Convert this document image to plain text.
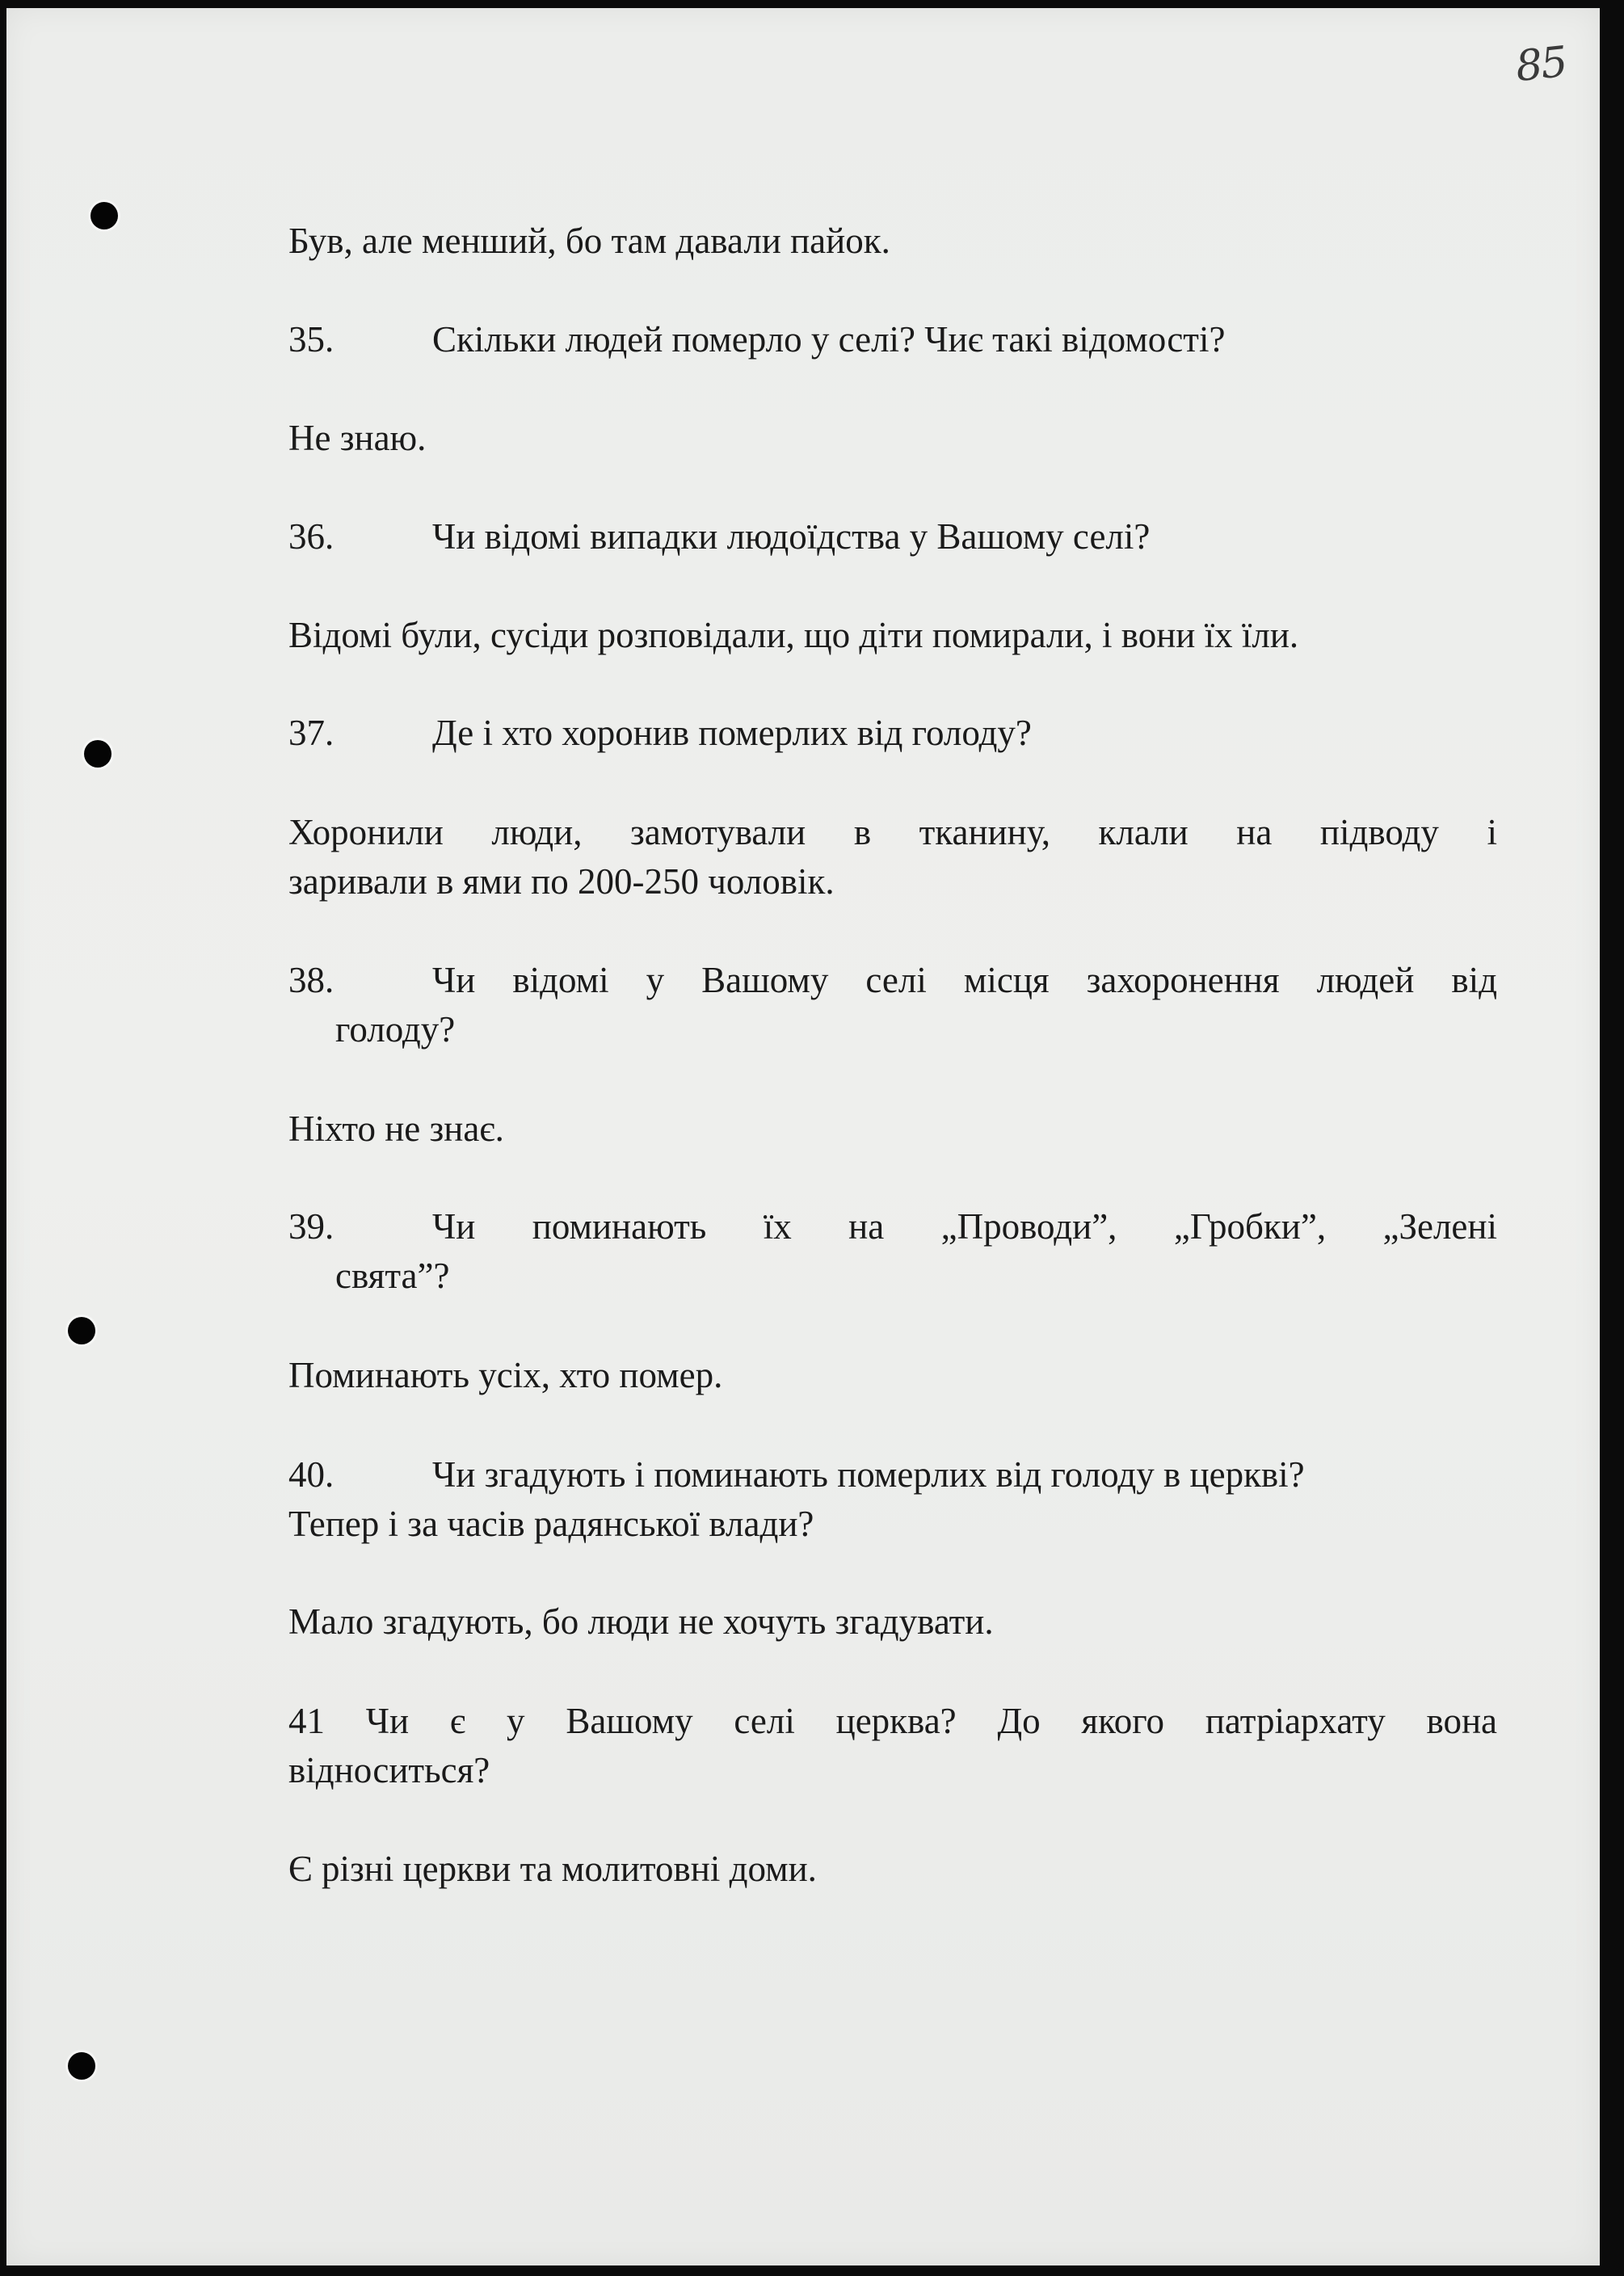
85

Був, але менший, бо там давали пайок.

35.	Скільки людей померло у селі? Чиє такі відомості?

Не знаю.

36.	Чи відомі випадки людоїдства у Вашому селі?

Відомі були, сусіди розповідали, що діти помирали, і вони їх їли.

37.	Де і хто хоронив померлих від голоду?

Хоронили люди, замотували в тканину, клали на підводу і
заривали в ями по 200-250 чоловік.
38.	Чи відомі у Вашому селі місця захоронення людей від
голоду?

Ніхто не знає.

39.	Чи поминають їх на „Проводи”, „Гробки”, „Зелені
свята”?

Поминають усіх, хто помер.

40.	Чи згадують і поминають померлих від голоду в церкві?
Тепер і за часів радянської влади?

Мало згадують, бо люди не хочуть згадувати.

41 Чи є у Вашому селі церква? До якого патріархату вона
відноситься?

Є різні церкви та молитовні доми.
